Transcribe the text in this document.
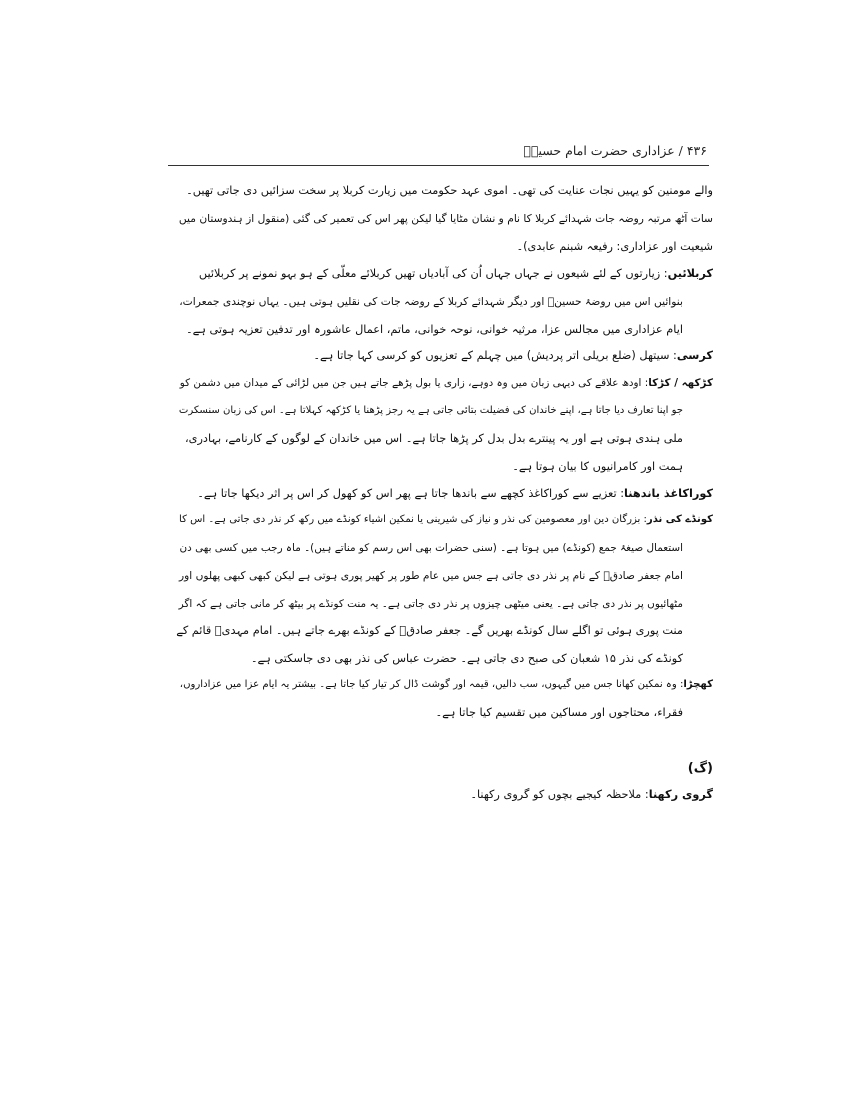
۴۳۶ / عزاداری حضرت امام حسینؑ
والے مومنین کو یہیں نجات عنایت کی تھی۔ اموی عہد حکومت میں زیارت کربلا پر سخت سزائیں دی جاتی تھیں۔
سات آٹھ مرتبہ روضہ جات شہدائے کربلا کا نام و نشان مٹایا گیا لیکن پھر اس کی تعمیر کی گئی (منقول از ہندوستان میں
شیعیت اور عزاداری: رفیعہ شبنم عابدی)۔
کربلائیں: زیارتوں کے لئے شیعوں نے جہاں جہاں اُن کی آبادیاں تھیں کربلائے معلّی کے ہو بہو نمونے پر کربلائیں
بنوائیں اس میں روضۂ حسینؑ اور دیگر شہدائے کربلا کے روضہ جات کی نقلیں ہوتی ہیں۔ یہاں نوچندی جمعرات،
ایام عزاداری میں مجالس عزا، مرثیہ خوانی، نوحہ خوانی، ماتم، اعمال عاشورہ اور تدفین تعزیہ ہوتی ہے۔
کرسی: سیتھل (ضلع بریلی اتر پردیش) میں چہلم کے تعزیوں کو کرسی کہا جاتا ہے۔
کڑکھہ / کڑکا: اودھ علاقے کی دیہی زبان میں وہ دوہے، زاری یا بول پڑھے جاتے ہیں جن میں لڑائی کے میدان میں دشمن کو
جو اپنا تعارف دیا جاتا ہے، اپنے خاندان کی فضیلت بتائی جاتی ہے یہ رجز پڑھنا یا کڑکھہ کہلاتا ہے۔ اس کی زبان سنسکرت
ملی ہندی ہوتی ہے اور یہ پینترے بدل بدل کر پڑھا جاتا ہے۔ اس میں خاندان کے لوگوں کے کارنامے، بہادری،
ہمت اور کامرانیوں کا بیان ہوتا ہے۔
کوراکاغذ باندھنا: تعزیے سے کوراکاغذ کچھے سے باندھا جاتا ہے پھر اس کو کھول کر اس پر اثر دیکھا جاتا ہے۔
کونڈے کی نذر: بزرگان دین اور معصومین کی نذر و نیاز کی شیرینی یا نمکین اشیاء کونڈے میں رکھ کر نذر دی جاتی ہے۔ اس کا
استعمال صیغۂ جمع (کونڈے) میں ہوتا ہے۔ (سنی حضرات بھی اس رسم کو مناتے ہیں)۔ ماہ رجب میں کسی بھی دن
امام جعفر صادقؑ کے نام پر نذر دی جاتی ہے جس میں عام طور پر کھیر پوری ہوتی ہے لیکن کبھی کبھی پھلوں اور
مٹھائیوں پر نذر دی جاتی ہے۔ یعنی میٹھی چیزوں پر نذر دی جاتی ہے۔ یہ منت کونڈے پر بیٹھ کر مانی جاتی ہے کہ اگر
منت پوری ہوئی تو اگلے سال کونڈے بھریں گے۔ جعفر صادقؑ کے کونڈے بھرے جاتے ہیں۔ امام مہدیؑ قائم کے
کونڈے کی نذر ۱۵ شعبان کی صبح دی جاتی ہے۔ حضرت عباس کی نذر بھی دی جاسکتی ہے۔
کھچڑا: وہ نمکین کھانا جس میں گیہوں، سب دالیں، قیمہ اور گوشت ڈال کر تیار کیا جاتا ہے۔ بیشتر یہ ایام عزا میں عزاداروں،
فقراء، محتاجوں اور مساکین میں تقسیم کیا جاتا ہے۔
(گ)
گروی رکھنا: ملاحظہ کیجیے بچوں کو گروی رکھنا۔
